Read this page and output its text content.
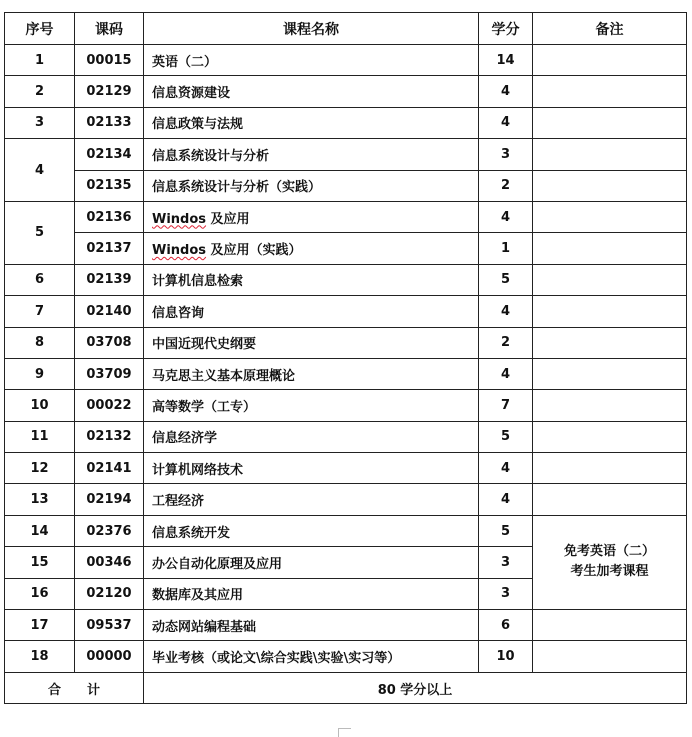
序号	课码	课程名称	学分	备注
1	00015	英语（二）	14	
2	02129	信息资源建设	4	
3	02133	信息政策与法规	4	
4	02134	信息系统设计与分析	3	
	02135	信息系统设计与分析（实践）	2	
5	02136	Windos 及应用	4	
	02137	Windos 及应用（实践）	1	
6	02139	计算机信息检索	5	
7	02140	信息咨询	4	
8	03708	中国近现代史纲要	2	
9	03709	马克思主义基本原理概论	4	
10	00022	高等数学（工专）	7	
11	02132	信息经济学	5	
12	02141	计算机网络技术	4	
13	02194	工程经济	4	
14	02376	信息系统开发	5	免考英语（二）
考生加考课程

15	00346	办公自动化原理及应用	3	
16	02120	数据库及其应用	3	
17	09537	动态网站编程基础	6	
18	00000	毕业考核（或论文\综合实践\实验\实习等）	10	
合　　计		80 学分以上		
